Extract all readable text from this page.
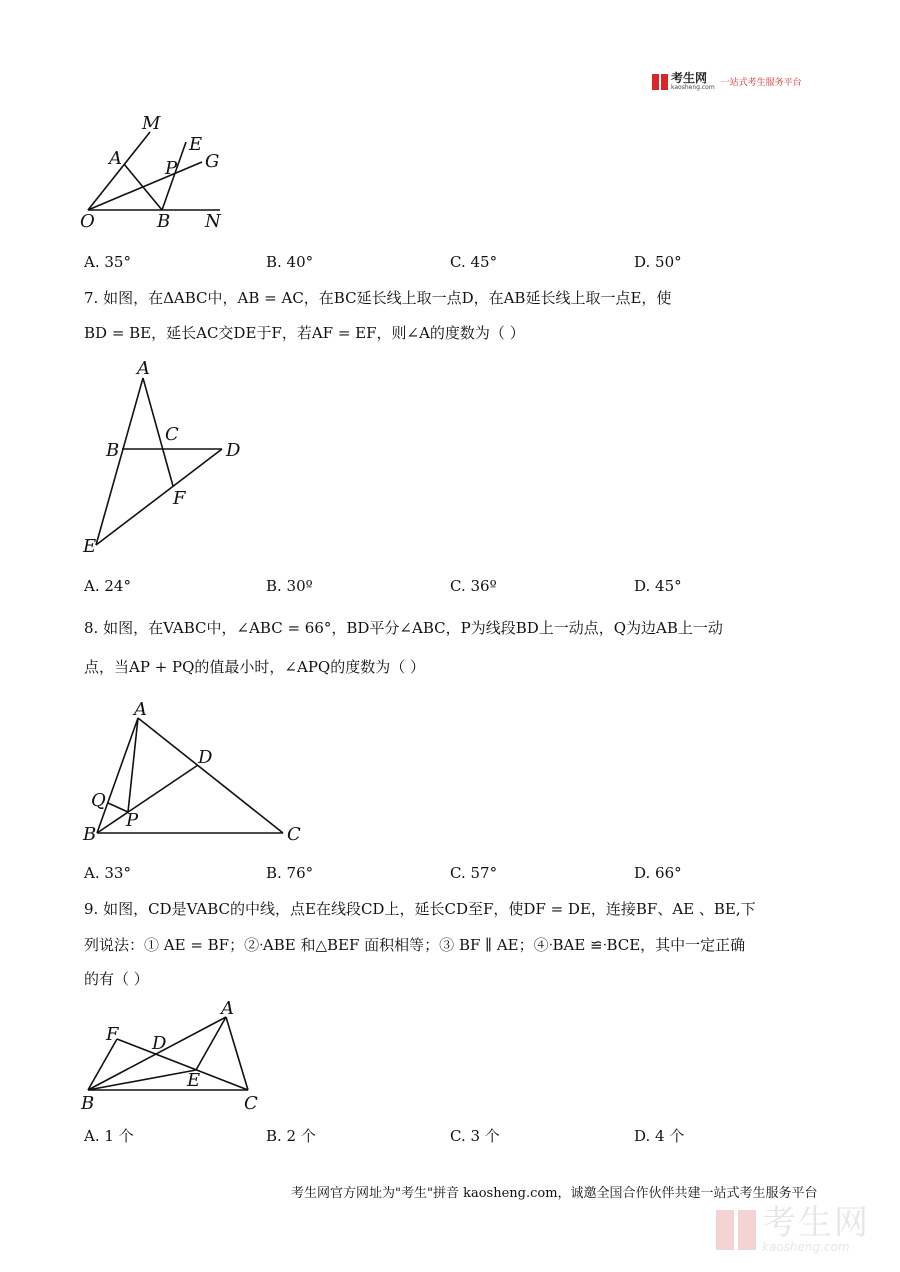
考生网
kaosheng.com 一站式考生服务平台
M
A
E
P G
O	B N
A. 35°	B. 40°	C. 45°	D. 50°
7. 如图，在ΔABC中，AB = AC，在BC延长线上取一点D，在AB延长线上取一点E，使
BD = BE，延长AC交DE于F，若AF = EF，则∠A的度数为（ ）
A
B
C
D
F
E
A. 24°	B. 30º	C. 36º	D. 45°
8. 如图，在VABC中，∠ABC = 66°，BD平分∠ABC，P为线段BD上一动点，Q为边AB上一动
点，当AP + PQ的值最小时，∠APQ的度数为（ ）
A
D
Q
P
B	C
A. 33°	B. 76°	C. 57°	D. 66°
9. 如图，CD是VABC的中线，点E在线段CD上，延长CD至F，使DF = DE，连接BF、AE 、BE,下
列说法：① AE = BF；②ᐧABE 和△BEF 面积相等；③ BF ∥ AE；④ᐧBAE ≌ᐧBCE，其中一定正确
的有（ ）
A
F D
E
B	C
A. 1 个	B. 2 个	C. 3 个	D. 4 个
考生网官方网址为"考生"拼音 kaosheng.com，诚邀全国合作伙伴共建一站式考生服务平台
考生网
kaosheng.com
